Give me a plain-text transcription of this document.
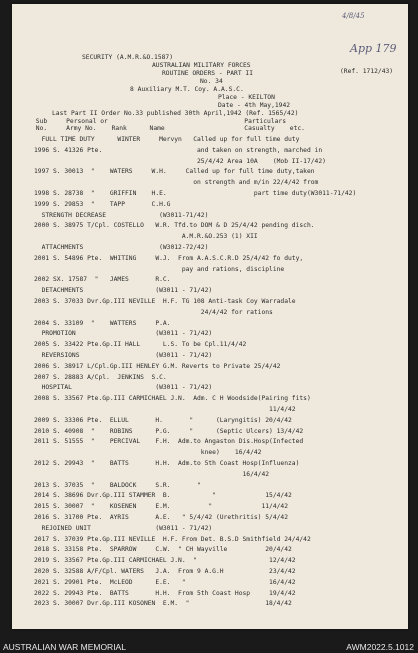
4/8/45
App 179
SECURITY (A.M.R.&O.1587)
AUSTRALIAN MILITARY FORCES
ROUTINE ORDERS - PART II	(Ref. 1712/43)
No. 34
8 Auxiliary M.T. Coy. A.A.S.C.
Place - KEILTON
Date - 4th May,1942
Last Part II Order No.33 published 30th April,1942 (Ref. 1565/42)
Sub     Personal or                                    Particulars
No.     Army No.    Rank      Name                     Casualty    etc.
FULL TIME DUTY      WINTER     Mervyn   Called up for full time duty
1996 S. 41326 Pte.                         and taken on strength, marched in
25/4/42 Area 10A    (Mob II-17/42)
1997 S. 30013  "    WATERS     W.H.     Called up for full time duty,taken
on strength and m/in 22/4/42 from
1998 S. 28738  "    GRIFFIN    H.E.                       part time duty(W3011-71/42)
1999 S. 29853  "    TAPP       C.H.G
STRENGTH DECREASE              (W3011-71/42)
2000 S. 38975 T/Cpl. COSTELLO   W.R. Tfd.to DOM & D 25/4/42 pending disch.
A.M.R.&O.253 (1) XII
ATTACHMENTS                    (W3012-72/42)
2001 S. 54896 Pte.  WHITING     W.J.  From A.A.S.C.R.D 25/4/42 fo duty,
pay and rations, discipline
2002 SX. 17587  "   JAMES       R.C.
DETACHMENTS                   (W3011 - 71/42)
2003 S. 37033 Dvr.Gp.III NEVILLE  H.F. TG 108 Anti-task Coy Warradale
24/4/42 for rations
2004 S. 33109  "    WATTERS     P.A.
PROMOTION                     (W3011 - 71/42)
2005 S. 33422 Pte.Gp.II HALL      L.S. To be Cpl.11/4/42
REVERSIONS                    (W3011 - 71/42)
2006 S. 38917 L/Cpl.Gp.III HENLEY G.M. Reverts to Private 25/4/42
2007 S. 28883 A/Cpl.  JENKINS  S.C.
HOSPITAL                      (W3011 - 71/42)
2008 S. 33567 Pte.Gp.III CARMICHAEL J.N.  Adm. C H Woodside(Pairing fits)
11/4/42
2009 S. 33306 Pte.  ELLUL       H.       "      (Laryngitis) 20/4/42
2010 S. 40908  "    ROBINS      P.G.     "      (Septic Ulcers) 13/4/42
2011 S. 51555  "    PERCIVAL    F.H.  Adm.to Angaston Dis.Hosp(Infected
knee)    16/4/42
2012 S. 29943  "    BATTS       H.H.  Adm.to 5th Coast Hosp(Influenza)
16/4/42
2013 S. 37035  "    BALDOCK     S.R.       "
2014 S. 38696 Dvr.Gp.III STAMMER  B.           "             15/4/42
2015 S. 30007  "    KOSENEN     E.M.          "             11/4/42
2016 S. 31700 Pte.  AYRIS       A.E.   " 5/4/42 (Urethritis) 5/4/42
REJOINED UNIT                 (W3011 - 71/42)
2017 S. 37039 Pte.Gp.III NEVILLE  H.F. From Det. B.S.D Smithfield 24/4/42
2018 S. 33158 Pte.  SPARROW     C.W.  " CH Wayville          20/4/42
2019 S. 33567 Pte.Gp.III CARMICHAEL J.N.  "                   12/4/42
2020 S. 32588 A/F/Cpl. WATERS   J.A.  From 9 A.G.H            23/4/42
2021 S. 29901 Pte.  McLEOD      E.E.   "                      16/4/42
2022 S. 29943 Pte.  BATTS       H.H.  From 5th Coast Hosp     19/4/42
2023 S. 30007 Dvr.Gp.III KOSONEN  E.M.  "                    18/4/42
AUSTRALIAN WAR MEMORIAL	AWM2022.5.1012
